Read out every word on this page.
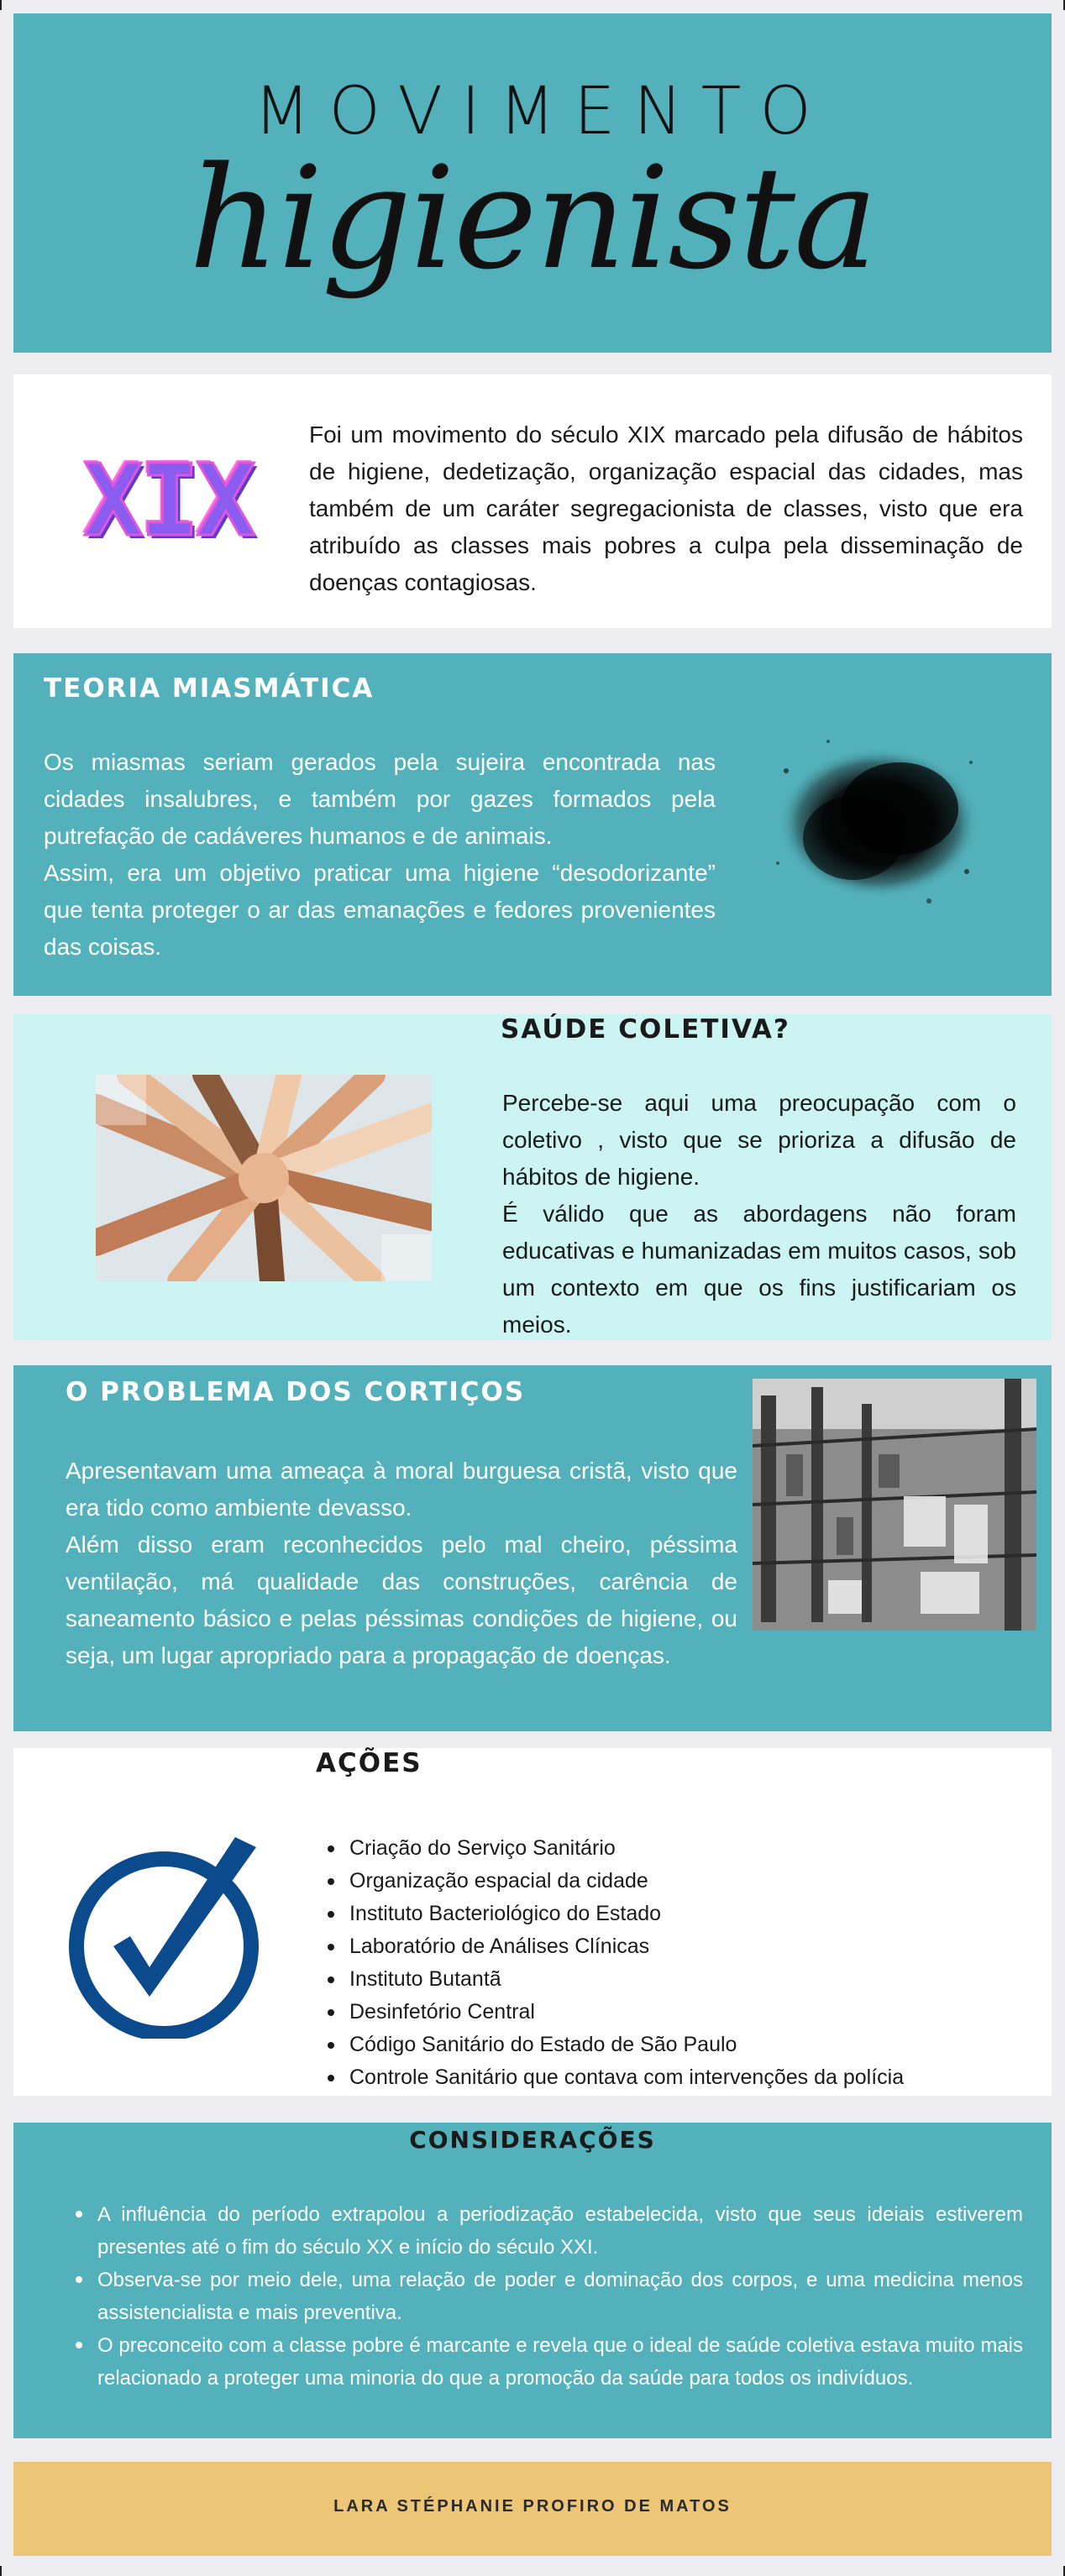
MOVIMENTO
higienista
XIX
Foi um movimento do século XIX marcado pela difusão de hábitos de higiene, dedetização, organização espacial das cidades, mas também de um caráter segregacionista de classes, visto que era atribuído as classes mais pobres a culpa pela disseminação de doenças contagiosas.
TEORIA MIASMÁTICA
Os miasmas seriam gerados pela sujeira encontrada nas cidades insalubres, e também por gazes formados pela putrefação de cadáveres humanos e de animais.
Assim, era um objetivo praticar uma higiene “desodorizante” que tenta proteger o ar das emanações e fedores provenientes das coisas.
SAÚDE COLETIVA?
Percebe-se aqui uma preocupação com o coletivo , visto que se prioriza a difusão de hábitos de higiene.
É válido que as abordagens não foram educativas e humanizadas em muitos casos, sob um contexto em que os fins justificariam os meios.
O PROBLEMA DOS CORTIÇOS
Apresentavam uma ameaça à moral burguesa cristã, visto que era tido como ambiente devasso.
Além disso eram reconhecidos pelo mal cheiro, péssima ventilação, má qualidade das construções, carência de saneamento básico e pelas péssimas condições de higiene, ou seja, um lugar apropriado para a propagação de doenças.
AÇÕES
Criação do Serviço Sanitário
Organização espacial da cidade
Instituto Bacteriológico do Estado
Laboratório de Análises Clínicas
Instituto Butantã
Desinfetório Central
Código Sanitário do Estado de São Paulo
Controle Sanitário que contava com intervenções da polícia
CONSIDERAÇÕES
A influência do período extrapolou a periodização estabelecida, visto que seus ideiais estiverem presentes até o fim do século XX e início do século XXI.
Observa-se por meio dele, uma relação de poder e dominação dos corpos, e uma medicina menos assistencialista e mais preventiva.
O preconceito com a classe pobre é marcante e revela que o ideal de saúde coletiva estava muito mais relacionado a proteger uma minoria do que a promoção da saúde para todos os indivíduos.
LARA STÉPHANIE PROFIRO DE MATOS
